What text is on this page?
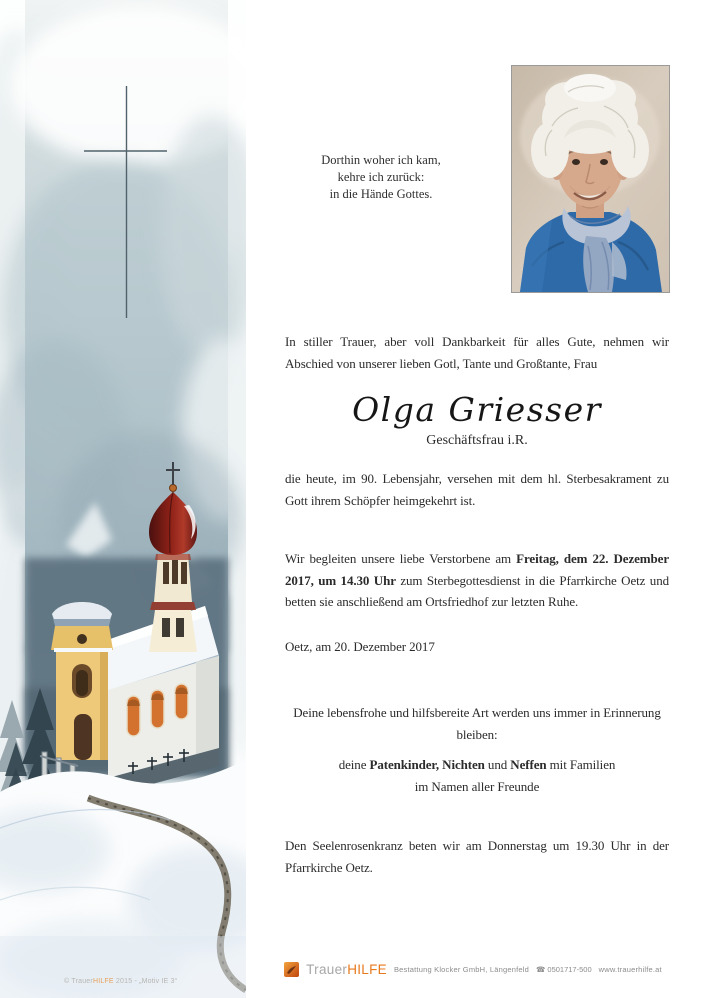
Dorthin woher ich kam,
kehre ich zurück:
in die Hände Gottes.

In stiller Trauer, aber voll Dankbarkeit für alles Gute, nehmen wir Abschied von unserer lieben Gotl, Tante und Großtante, Frau

Olga Griesser

Geschäftsfrau i.R.

die heute, im 90. Lebensjahr, versehen mit dem hl. Sterbesakrament zu Gott ihrem Schöpfer heimgekehrt ist.

Wir begleiten unsere liebe Verstorbene am Freitag, dem 22. Dezember 2017, um 14.30 Uhr zum Sterbegottesdienst in die Pfarrkirche Oetz und betten sie anschließend am Ortsfriedhof zur letzten Ruhe.

Oetz, am 20. Dezember 2017

Deine lebensfrohe und hilfsbereite Art werden uns immer in Erinnerung bleiben:

deine Patenkinder, Nichten und Neffen mit Familien
im Namen aller Freunde

Den Seelenrosenkranz beten wir am Donnerstag um 19.30 Uhr in der Pfarrkirche Oetz.

TrauerHILFE Bestattung Klocker GmbH, Längenfeld ☎ 0501717-500 www.trauerhilfe.at
© TrauerHILFE 2015 - „Motiv IE 3“
